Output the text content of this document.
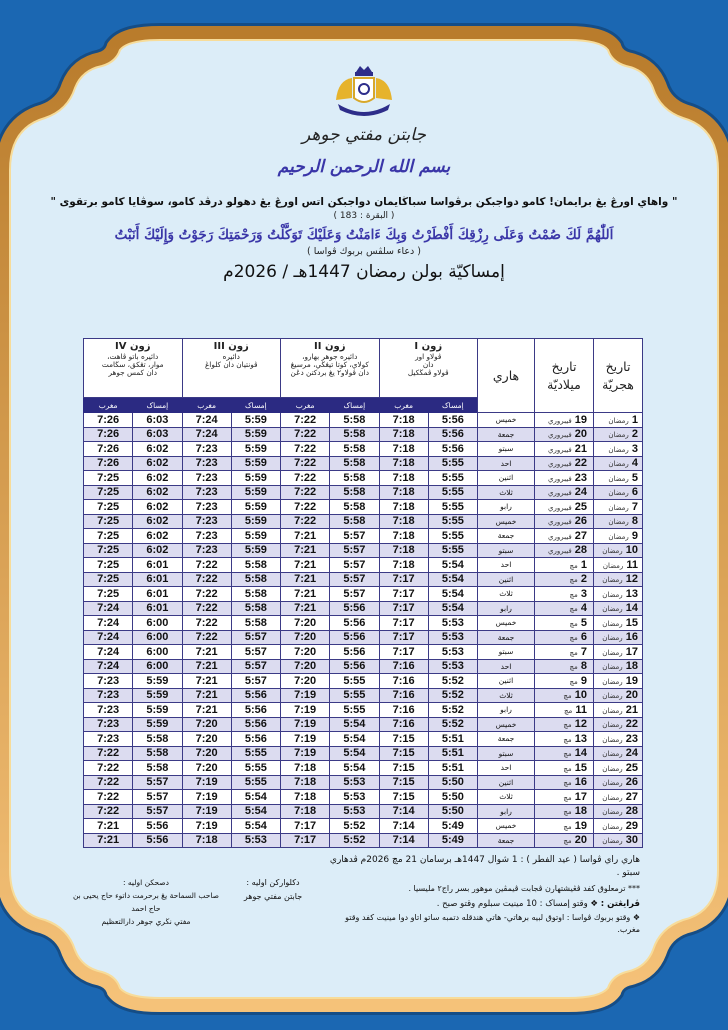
جابتن مفتي جوهر
بسم الله الرحمن الرحيم
" واهاي اورڠ يڠ برايمان! كامو دواجبکن برڤواسا سباڬايمان دواجبکن اتس اورڠ يڠ دهولو درڤد كامو، سوڤايا كامو برتقوى "
( البقرة : 183 )
اَللّٰهُمَّ لَكَ صُمْتُ وَعَلَى رِزْقِكَ أَفْطَرْتُ وَبِكَ ءَامَنْتُ وَعَلَيْكَ تَوَكَّلْتُ وَرَحْمَتِكَ رَجَوْتُ وَإِلَيْكَ أَنَبْتُ
( دعاء سلڤس بربوك ڤواسا )
إمساكيّة بولن رمضان 1447هـ / 2026م
تاريخ هجريّة	تاريخ ميلاديّة	هاري	زون I
ڤولاو اور
دان
ڤولاو ڤمڬكيل		زون II
دائيره جوهر بهارو،
كولاي، كوتا تيڠڬي، مرسيڠ
دان ڤولاو٢ يڠ بردكتن دڠن		زون III
دائيره
ڤونتيان دان کلواڠ		زون IV
دائيره باتو ڤاهت،
موار، تڠكق، سڬامت
دان كمس جوهر	

			إمساک	مغرب	إمساک	مغرب	إمساک	مغرب	إمساک	مغرب
1 رمضان	19 فيبروري	خميس	5:56	7:18	5:58	7:22	5:59	7:24	6:03	7:26
2 رمضان	20 فيبروري	جمعة	5:56	7:18	5:58	7:22	5:59	7:24	6:03	7:26
3 رمضان	21 فيبروري	سبتو	5:56	7:18	5:58	7:22	5:59	7:23	6:02	7:26
4 رمضان	22 فيبروري	احد	5:55	7:18	5:58	7:22	5:59	7:23	6:02	7:26
5 رمضان	23 فيبروري	اثنين	5:55	7:18	5:58	7:22	5:59	7:23	6:02	7:25
6 رمضان	24 فيبروري	ثلاث	5:55	7:18	5:58	7:22	5:59	7:23	6:02	7:25
7 رمضان	25 فيبروري	رابو	5:55	7:18	5:58	7:22	5:59	7:23	6:02	7:25
8 رمضان	26 فيبروري	خميس	5:55	7:18	5:58	7:22	5:59	7:23	6:02	7:25
9 رمضان	27 فيبروري	جمعة	5:55	7:18	5:57	7:21	5:59	7:23	6:02	7:25
10 رمضان	28 فيبروري	سبتو	5:55	7:18	5:57	7:21	5:59	7:23	6:02	7:25
11 رمضان	1 مچ	احد	5:54	7:18	5:57	7:21	5:58	7:22	6:01	7:25
12 رمضان	2 مچ	اثنين	5:54	7:17	5:57	7:21	5:58	7:22	6:01	7:25
13 رمضان	3 مچ	ثلاث	5:54	7:17	5:57	7:21	5:58	7:22	6:01	7:25
14 رمضان	4 مچ	رابو	5:54	7:17	5:56	7:21	5:58	7:22	6:01	7:24
15 رمضان	5 مچ	خميس	5:53	7:17	5:56	7:20	5:58	7:22	6:00	7:24
16 رمضان	6 مچ	جمعة	5:53	7:17	5:56	7:20	5:57	7:22	6:00	7:24
17 رمضان	7 مچ	سبتو	5:53	7:17	5:56	7:20	5:57	7:21	6:00	7:24
18 رمضان	8 مچ	احد	5:53	7:16	5:56	7:20	5:57	7:21	6:00	7:24
19 رمضان	9 مچ	اثنين	5:52	7:16	5:55	7:20	5:57	7:21	5:59	7:23
20 رمضان	10 مچ	ثلاث	5:52	7:16	5:55	7:19	5:56	7:21	5:59	7:23
21 رمضان	11 مچ	رابو	5:52	7:16	5:55	7:19	5:56	7:21	5:59	7:23
22 رمضان	12 مچ	خميس	5:52	7:16	5:54	7:19	5:56	7:20	5:59	7:23
23 رمضان	13 مچ	جمعة	5:51	7:15	5:54	7:19	5:56	7:20	5:58	7:23
24 رمضان	14 مچ	سبتو	5:51	7:15	5:54	7:19	5:55	7:20	5:58	7:22
25 رمضان	15 مچ	احد	5:51	7:15	5:54	7:18	5:55	7:20	5:58	7:22
26 رمضان	16 مچ	اثنين	5:50	7:15	5:53	7:18	5:55	7:19	5:57	7:22
27 رمضان	17 مچ	ثلاث	5:50	7:15	5:53	7:18	5:54	7:19	5:57	7:22
28 رمضان	18 مچ	رابو	5:50	7:14	5:53	7:18	5:54	7:19	5:57	7:22
29 رمضان	19 مچ	خميس	5:49	7:14	5:52	7:17	5:54	7:19	5:56	7:21
30 رمضان	20 مچ	جمعة	5:49	7:14	5:52	7:17	5:53	7:18	5:56	7:21
هاري راي ڤواسا ( عيد الفطر ) : 1 شوال 1447هـ برسامان 21 مچ 2026م ڤدهاري سبتو .
*** ترمعلوق كفد ڤڠيشتهارن ڤجابت ڤيمڤين موهور بسر راج٢ مليسيا .
ڤرايڠتن : ❖ وقتو إمساک : 10 مينيت سبلوم وقتو صبح .
❖ وقتو بربوك ڤواسا : اوتوق لبيه برهاتي- هاتي هندقله دتمبه ساتو اتاو دوا مينيت كفد وقتو مغرب.
دكلواركن اوليه :
جابتن مفتي جوهر
دصحكن اوليه :
صاحب السماحة يڠ برحرمت داتوء حاج يحيى بن حاج احمد
مفتي نڬري جوهر دارالتعظيم
